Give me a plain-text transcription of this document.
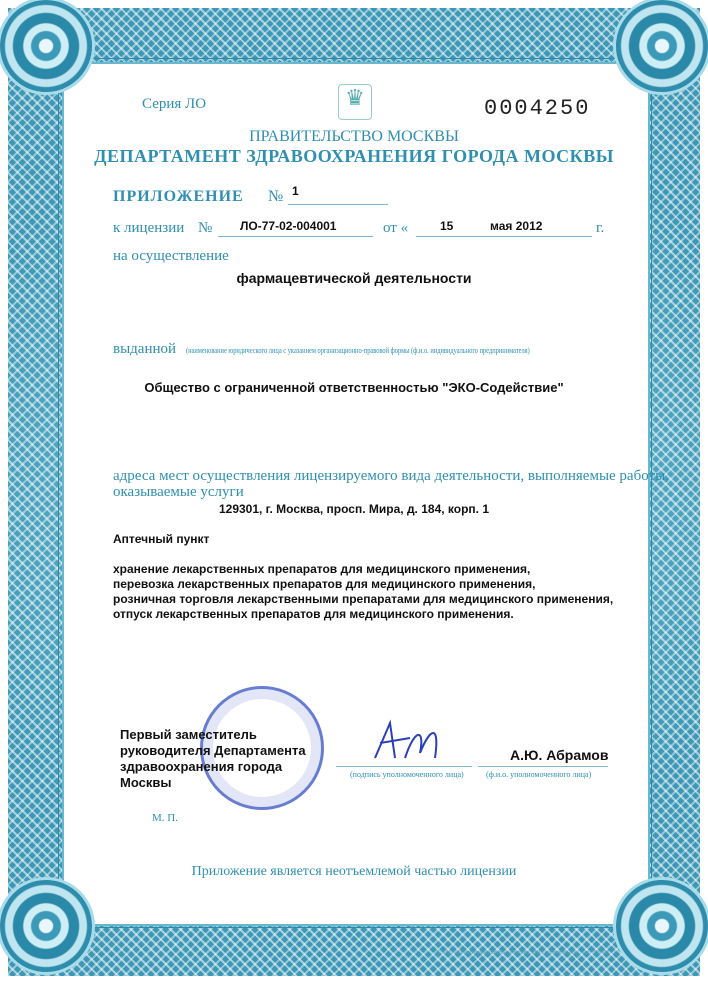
Серия ЛО	♛	0004250
ПРАВИТЕЛЬСТВО МОСКВЫ
ДЕПАРТАМЕНТ ЗДРАВООХРАНЕНИЯ ГОРОДА МОСКВЫ
ПРИЛОЖЕНИЕ № 1
к лицензии № ЛО-77-02-004001	от «	15	мая 2012	г.
на осуществление
фармацевтической деятельности
выданной (наименование юридического лица с указанием организационно-правовой формы (ф.и.о. индивидуального предпринимателя)
Общество с ограниченной ответственностью "ЭКО-Содействие"
адреса мест осуществления лицензируемого вида деятельности, выполняемые работы,
оказываемые услуги
129301, г. Москва, просп. Мира, д. 184, корп. 1
Аптечный пункт
хранение лекарственных препаратов для медицинского применения,
перевозка лекарственных препаратов для медицинского применения,
розничная торговля лекарственными препаратами для медицинского применения,
отпуск лекарственных препаратов для медицинского применения.
Первый заместитель
руководителя Департамента
здравоохранения города
Москвы
(подпись уполномоченного лица)	(ф.и.о. уполномоченного лица)
А.Ю. Абрамов
М. П.
Приложение является неотъемлемой частью лицензии
© ЗАО «Полиграф-защита», Москва, 2011, уровень «В», зак. 399-11
